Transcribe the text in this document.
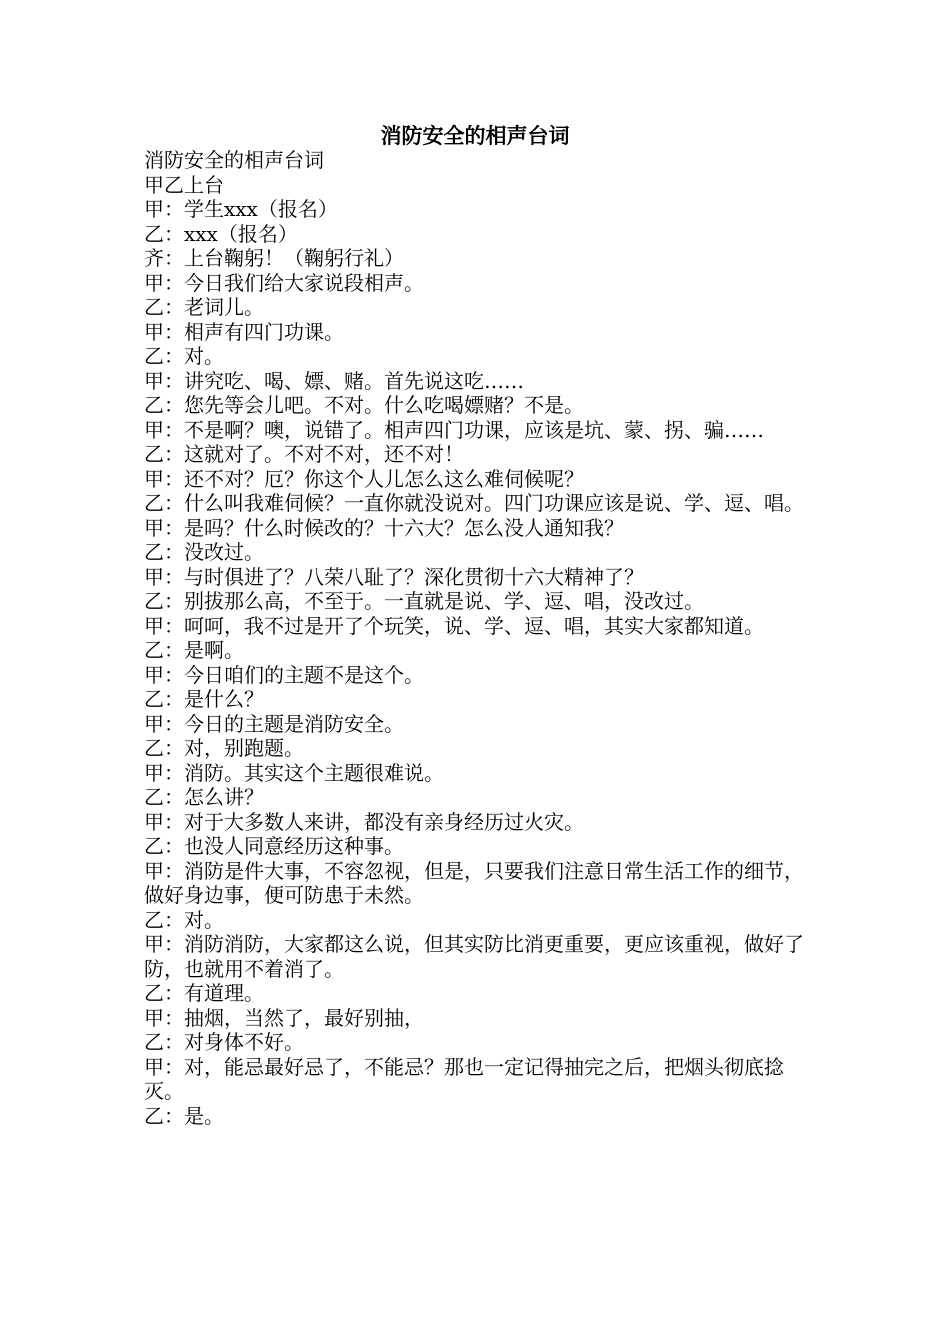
消防安全的相声台词

消防安全的相声台词

甲乙上台

甲：学生xxx（报名）

乙：xxx（报名）

齐：上台鞠躬！（鞠躬行礼）

甲：今日我们给大家说段相声。

乙：老词儿。

甲：相声有四门功课。

乙：对。

甲：讲究吃、喝、嫖、赌。首先说这吃……

乙：您先等会儿吧。不对。什么吃喝嫖赌？不是。

甲：不是啊？噢，说错了。相声四门功课，应该是坑、蒙、拐、骗……

乙：这就对了。不对不对，还不对！

甲：还不对？厄？你这个人儿怎么这么难伺候呢？

乙：什么叫我难伺候？一直你就没说对。四门功课应该是说、学、逗、唱。

甲：是吗？什么时候改的？十六大？怎么没人通知我？

乙：没改过。

甲：与时俱进了？八荣八耻了？深化贯彻十六大精神了？

乙：别拔那么高，不至于。一直就是说、学、逗、唱，没改过。

甲：呵呵，我不过是开了个玩笑，说、学、逗、唱，其实大家都知道。

乙：是啊。

甲：今日咱们的主题不是这个。

乙：是什么？

甲：今日的主题是消防安全。

乙：对，别跑题。

甲：消防。其实这个主题很难说。

乙：怎么讲？

甲：对于大多数人来讲，都没有亲身经历过火灾。

乙：也没人同意经历这种事。

甲：消防是件大事，不容忽视，但是，只要我们注意日常生活工作的细节，做好身边事，便可防患于未然。

乙：对。

甲：消防消防，大家都这么说，但其实防比消更重要，更应该重视，做好了防，也就用不着消了。

乙：有道理。

甲：抽烟，当然了，最好别抽，

乙：对身体不好。

甲：对，能忌最好忌了，不能忌？那也一定记得抽完之后，把烟头彻底捻灭。

乙：是。
